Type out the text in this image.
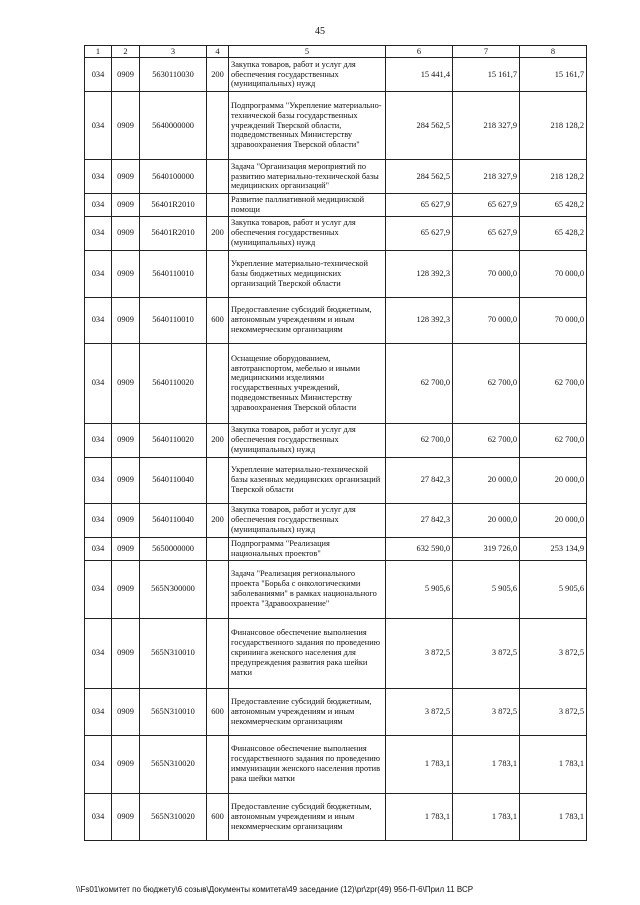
45
1	2	3	4	5	6	7	8
034	0909	5630110030	200	Закупка товаров, работ и услуг для обеспечения государственных (муниципальных) нужд	15 441,4	15 161,7	15 161,7
034	0909	5640000000		Подпрограмма "Укрепление материально-технической базы государственных учреждений Тверской области, подведомственных Министерству здравоохранения Тверской области"	284 562,5	218 327,9	218 128,2
034	0909	5640100000		Задача "Организация мероприятий по развитию материально-технической базы медицинских организаций"	284 562,5	218 327,9	218 128,2
034	0909	56401R2010		Развитие паллиативной медицинской помощи	65 627,9	65 627,9	65 428,2
034	0909	56401R2010	200	Закупка товаров, работ и услуг для обеспечения государственных (муниципальных) нужд	65 627,9	65 627,9	65 428,2
034	0909	5640110010		Укрепление материально-технической базы бюджетных медицинских организаций Тверской области	128 392,3	70 000,0	70 000,0
034	0909	5640110010	600	Предоставление субсидий бюджетным, автономным учреждениям и иным некоммерческим организациям	128 392,3	70 000,0	70 000,0
034	0909	5640110020		Оснащение оборудованием, автотранспортом, мебелью и иными медицинскими изделиями государственных учреждений, подведомственных Министерству здравоохранения Тверской области	62 700,0	62 700,0	62 700,0
034	0909	5640110020	200	Закупка товаров, работ и услуг для обеспечения государственных (муниципальных) нужд	62 700,0	62 700,0	62 700,0
034	0909	5640110040		Укрепление материально-технической базы казенных медицинских организаций Тверской области	27 842,3	20 000,0	20 000,0
034	0909	5640110040	200	Закупка товаров, работ и услуг для обеспечения государственных (муниципальных) нужд	27 842,3	20 000,0	20 000,0
034	0909	5650000000		Подпрограмма "Реализация национальных проектов"	632 590,0	319 726,0	253 134,9
034	0909	565N300000		Задача "Реализация регионального проекта "Борьба с онкологическими заболеваниями" в рамках национального проекта "Здравоохранение"	5 905,6	5 905,6	5 905,6
034	0909	565N310010		Финансовое обеспечение выполнения государственного задания по проведению скрининга женского населения для предупреждения развития рака шейки матки	3 872,5	3 872,5	3 872,5
034	0909	565N310010	600	Предоставление субсидий бюджетным, автономным учреждениям и иным некоммерческим организациям	3 872,5	3 872,5	3 872,5
034	0909	565N310020		Финансовое обеспечение выполнения государственного задания по проведению иммунизации женского населения против рака шейки матки	1 783,1	1 783,1	1 783,1
034	0909	565N310020	600	Предоставление субсидий бюджетным, автономным учреждениям и иным некоммерческим организациям	1 783,1	1 783,1	1 783,1
\\Fs01\комитет по бюджету\6 созыв\Документы комитета\49 заседание (12)\pr\zpr(49) 956-П-6\Прил 11 ВСР
